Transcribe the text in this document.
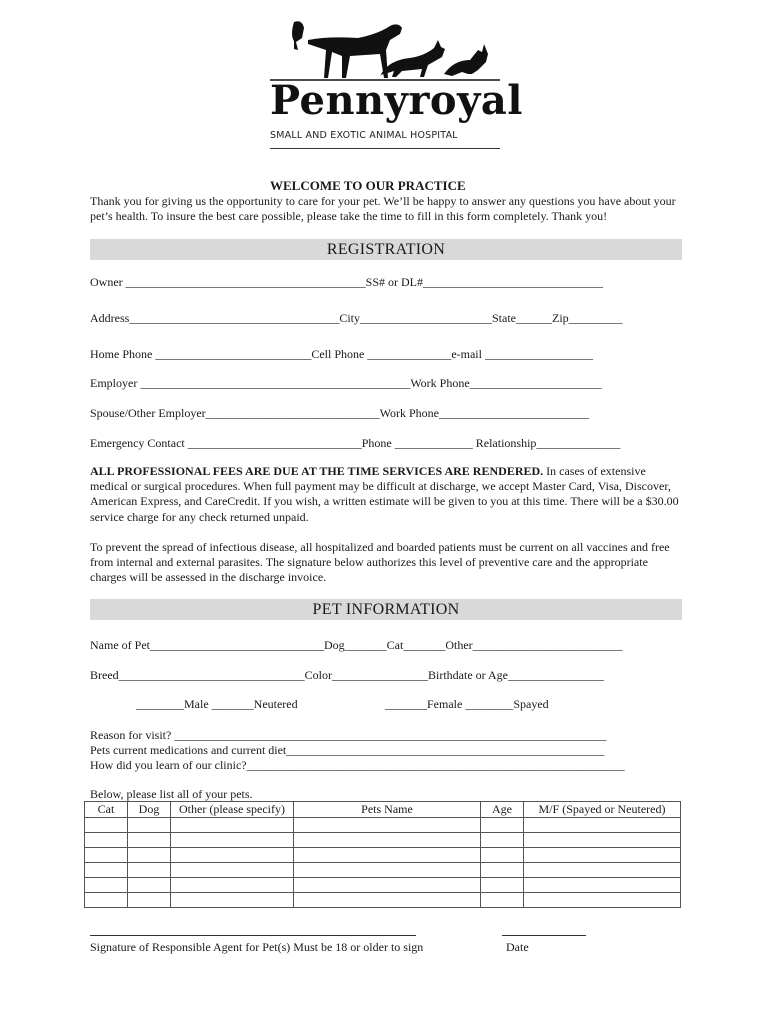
Pennyroyal
SMALL AND EXOTIC ANIMAL HOSPITAL
WELCOME TO OUR PRACTICE
Thank you for giving us the opportunity to care for your pet. We’ll be happy to answer any questions you have about your pet’s health. To insure the best care possible, please take the time to fill in this form completely. Thank you!
REGISTRATION
Owner ________________________________________SS# or DL#______________________________
Address___________________________________City______________________State______Zip_________
Home Phone __________________________Cell Phone ______________e-mail __________________
Employer _____________________________________________Work Phone______________________
Spouse/Other Employer_____________________________Work Phone_________________________
Emergency Contact _____________________________Phone _____________ Relationship______________
ALL PROFESSIONAL FEES ARE DUE AT THE TIME SERVICES ARE RENDERED. In cases of extensive medical or surgical procedures. When full payment may be difficult at discharge, we accept Master Card, Visa, Discover, American Express, and CareCredit. If you wish, a written estimate will be given to you at this time. There will be a $30.00 service charge for any check returned unpaid.
To prevent the spread of infectious disease, all hospitalized and boarded patients must be current on all vaccines and free from internal and external parasites. The signature below authorizes this level of preventive care and the appropriate charges will be assessed in the discharge invoice.
PET INFORMATION
Name of Pet_____________________________Dog_______Cat_______Other_________________________
Breed_______________________________Color________________Birthdate or Age________________
________Male _______Neutered	_______Female ________Spayed
Reason for visit? ________________________________________________________________________
Pets current medications and current diet_____________________________________________________
How did you learn of our clinic?_______________________________________________________________
Below, please list all of your pets.
Cat	Dog	Other (please specify)	Pets Name	Age	M/F (Spayed or Neutered)

Signature of Responsible Agent for Pet(s) Must be 18 or older to sign	Date
